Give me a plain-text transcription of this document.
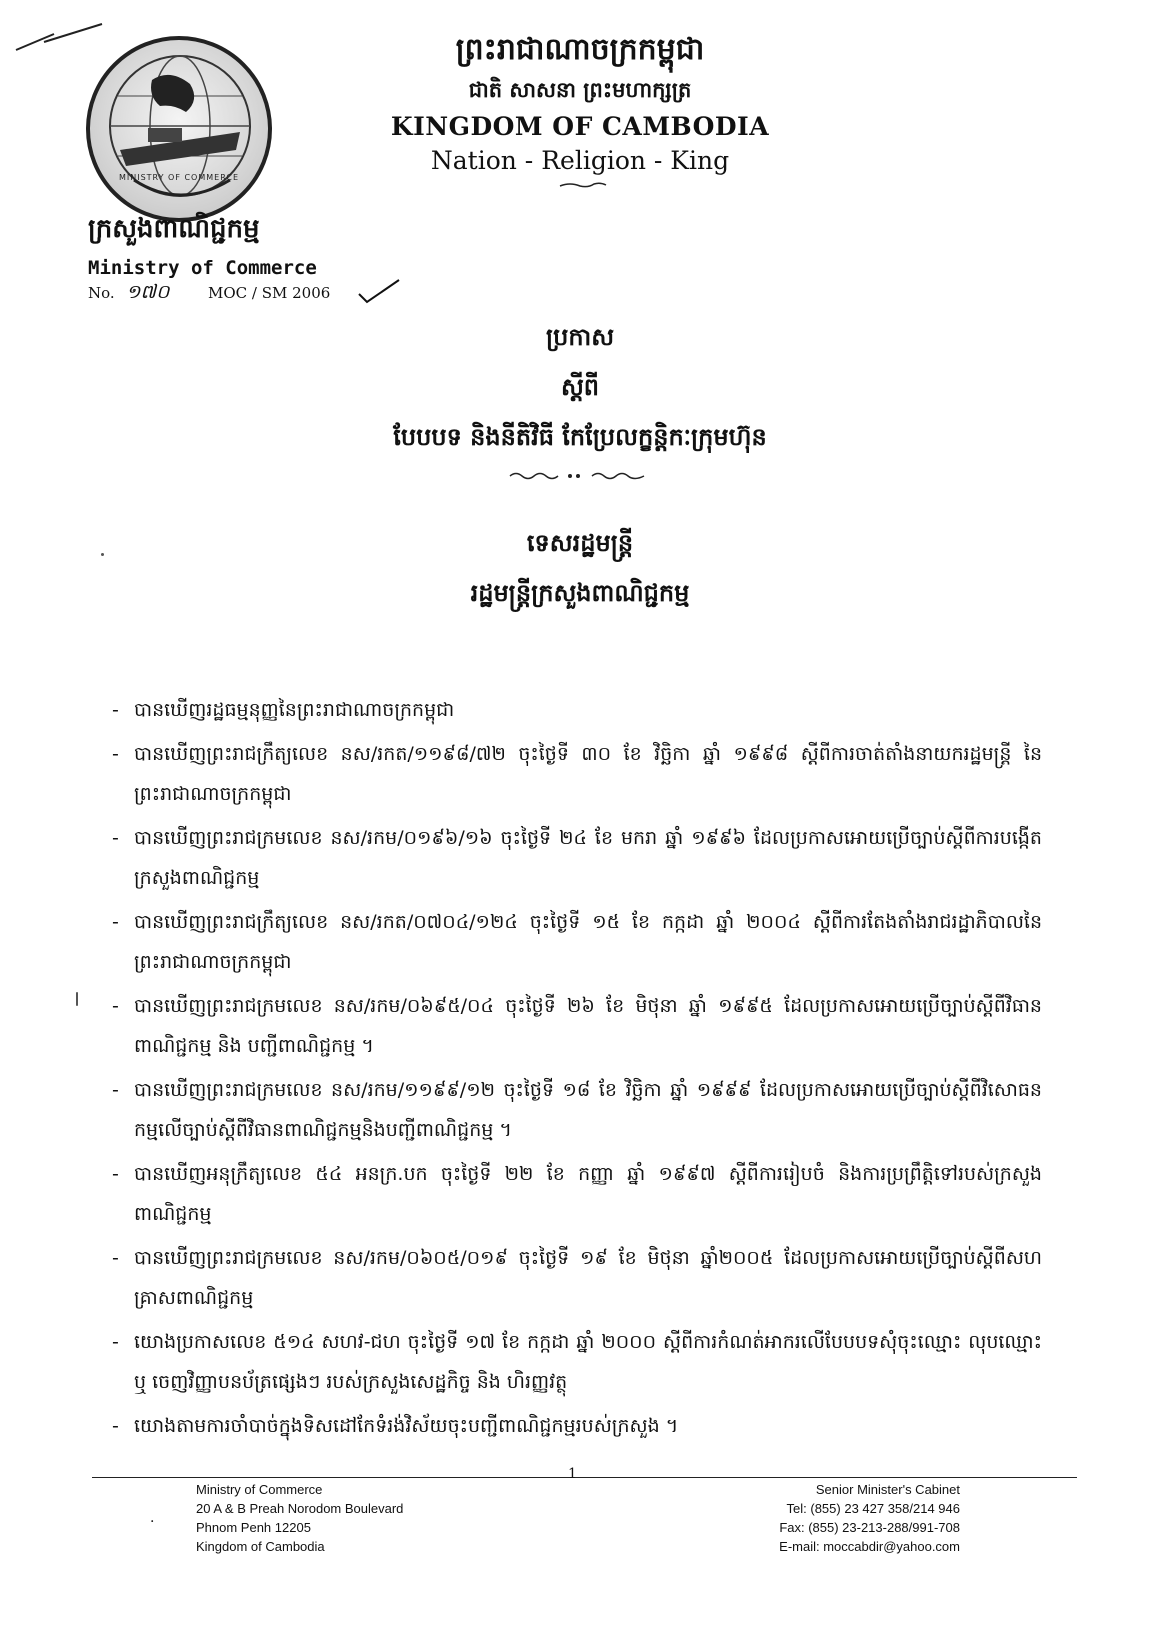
MINISTRY OF COMMERCE
ព្រះរាជាណាចក្រកម្ពុជា
ជាតិ សាសនា ព្រះមហាក្សត្រ
KINGDOM OF CAMBODIA
Nation - Religion - King
ក្រសួងពាណិជ្ជកម្ម
Ministry of Commerce
No. ១៧០	MOC / SM 2006
ប្រកាស
ស្ដីពី
បែបបទ និងនីតិវិធី កែប្រែលក្ខន្តិកៈក្រុមហ៊ុន
ទេសរដ្ឋមន្ត្រី
រដ្ឋមន្ត្រីក្រសួងពាណិជ្ជកម្ម
- បានឃើញរដ្ឋធម្មនុញ្ញនៃព្រះរាជាណាចក្រកម្ពុជា
- បានឃើញព្រះរាជក្រឹត្យលេខ នស/រកត/១១៩៨/៧២ ចុះថ្ងៃទី ៣០ ខែ វិច្ឆិកា ឆ្នាំ ១៩៩៨ ស្តីពីការចាត់តាំងនាយករដ្ឋមន្ត្រី នៃព្រះរាជាណាចក្រកម្ពុជា
- បានឃើញព្រះរាជក្រមលេខ នស/រកម/០១៩៦/១៦ ចុះថ្ងៃទី ២៤ ខែ មករា ឆ្នាំ ១៩៩៦ ដែលប្រកាសអោយប្រើច្បាប់ស្តីពីការបង្កើតក្រសួងពាណិជ្ជកម្ម
- បានឃើញព្រះរាជក្រឹត្យលេខ នស/រកត/០៧០៤/១២៤ ចុះថ្ងៃទី ១៥ ខែ កក្កដា ឆ្នាំ ២០០៤ ស្តីពីការតែងតាំងរាជរដ្ឋាភិបាលនៃព្រះរាជាណាចក្រកម្ពុជា
- បានឃើញព្រះរាជក្រមលេខ នស/រកម/០៦៩៥/០៤ ចុះថ្ងៃទី ២៦ ខែ មិថុនា ឆ្នាំ ១៩៩៥ ដែលប្រកាសអោយប្រើច្បាប់ស្តីពីវិធានពាណិជ្ជកម្ម និង បញ្ជីពាណិជ្ជកម្ម ។
- បានឃើញព្រះរាជក្រមលេខ នស/រកម/១១៩៩/១២ ចុះថ្ងៃទី ១៨ ខែ វិច្ឆិកា ឆ្នាំ ១៩៩៩ ដែលប្រកាសអោយប្រើច្បាប់ស្តីពីវិសោធនកម្មលើច្បាប់ស្តីពីវិធានពាណិជ្ជកម្មនិងបញ្ជីពាណិជ្ជកម្ម ។
- បានឃើញអនុក្រឹត្យលេខ ៥៤ អនក្រ.បក ចុះថ្ងៃទី ២២ ខែ កញ្ញា ឆ្នាំ ១៩៩៧ ស្តីពីការរៀបចំ និងការប្រព្រឹត្តិទៅរបស់ក្រសួងពាណិជ្ជកម្ម
- បានឃើញព្រះរាជក្រមលេខ នស/រកម/០៦០៥/០១៩ ចុះថ្ងៃទី ១៩ ខែ មិថុនា ឆ្នាំ២០០៥ ដែលប្រកាសអោយប្រើច្បាប់ស្តីពីសហគ្រាសពាណិជ្ជកម្ម
- យោងប្រកាសលេខ ៥១៤ សហវ-ជហ ចុះថ្ងៃទី ១៧ ខែ កក្កដា ឆ្នាំ ២០០០ ស្តីពីការកំណត់អាករលើបែបបទសុំចុះឈ្មោះ លុបឈ្មោះ ឬ ចេញវិញ្ញាបនប័ត្រផ្សេងៗ របស់ក្រសួងសេដ្ឋកិច្ច និង ហិរញ្ញវត្ថុ
- យោងតាមការចាំបាច់ក្នុងទិសដៅកែទំរង់វិស័យចុះបញ្ជីពាណិជ្ជកម្មរបស់ក្រសួង ។
1
·
Ministry of Commerce
20 A & B Preah Norodom Boulevard
Phnom Penh 12205
Kingdom of Cambodia
Senior Minister's Cabinet
Tel: (855) 23 427 358/214 946
Fax: (855) 23-213-288/991-708
E-mail: moccabdir@yahoo.com
